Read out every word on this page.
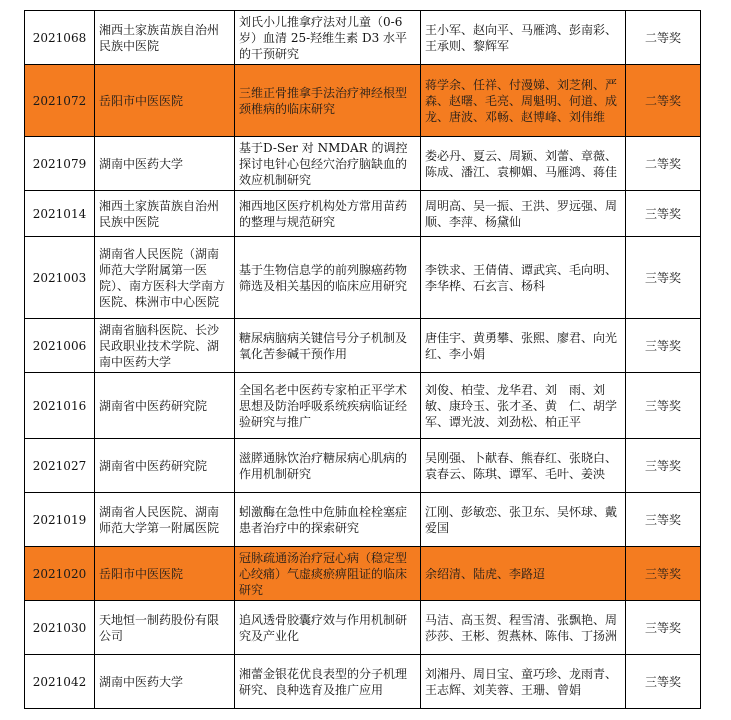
2021068	湘西土家族苗族自治州民族中医院	刘氏小儿推拿疗法对儿童（0-6 岁）血清 25-羟维生素 D3 水平的干预研究	王小军、赵向平、马雁鸿、彭南彩、王承则、黎辉军	二等奖
2021072	岳阳市中医医院	三维正骨推拿手法治疗神经根型颈椎病的临床研究	蒋学余、任祥、付漫娣、刘芝俐、严森、赵曙、毛亮、周魁明、何道、成龙、唐波、邓畅、赵博峰、刘伟维	二等奖
2021079	湖南中医药大学	基于D-Ser 对 NMDAR 的调控探讨电针心包经穴治疗脑缺血的效应机制研究	娄必丹、夏云、周颖、刘蕾、章薇、陈成、潘江、袁柳媚、马雁鸿、蒋佳	二等奖
2021014	湘西土家族苗族自治州民族中医院	湘西地区医疗机构处方常用苗药的整理与规范研究	周明高、吴一振、王洪、罗远强、周顺、李萍、杨黛仙	三等奖
2021003	湖南省人民医院（湖南师范大学附属第一医院）、南方医科大学南方医院、株洲市中心医院	基于生物信息学的前列腺癌药物筛选及相关基因的临床应用研究	李铁求、王倩倩、谭武宾、毛向明、李华桦、石玄言、杨科	三等奖
2021006	湖南省脑科医院、长沙民政职业技术学院、湖南中医药大学	糖尿病脑病关键信号分子机制及氧化苦参碱干预作用	唐佳宇、黄勇攀、张熙、廖君、向光红、李小娟	三等奖
2021016	湖南省中医药研究院	全国名老中医药专家柏正平学术思想及防治呼吸系统疾病临证经验研究与推广	刘俊、柏莹、龙华君、刘　雨、刘　敏、康玲玉、张才圣、黄　仁、胡学军、谭光波、刘劲松、柏正平	三等奖
2021027	湖南省中医药研究院	滋膵通脉饮治疗糖尿病心肌病的作用机制研究	吴刚强、卜献春、熊春红、张晓白、袁春云、陈琪、谭军、毛叶、姜泱	三等奖
2021019	湖南省人民医院、湖南师范大学第一附属医院	蚓激酶在急性中危肺血栓栓塞症患者治疗中的探索研究	江刚、彭敏恋、张卫东、吴怀球、戴爱国	三等奖
2021020	岳阳市中医医院	冠脉疏通汤治疗冠心病（稳定型心绞痛）气虚痰瘀痹阻证的临床研究	余绍清、陆虎、李路迢	三等奖
2021030	天地恒一制药股份有限公司	追风透骨胶囊疗效与作用机制研究及产业化	马洁、高玉贺、程雪清、张飘艳、周莎莎、王彬、贺燕林、陈伟、丁扬洲	三等奖
2021042	湖南中医药大学	湘蕾金银花优良表型的分子机理研究、良种选育及推广应用	刘湘丹、周日宝、童巧珍、龙雨青、王志辉、刘芙蓉、王珊、曾娟	三等奖
